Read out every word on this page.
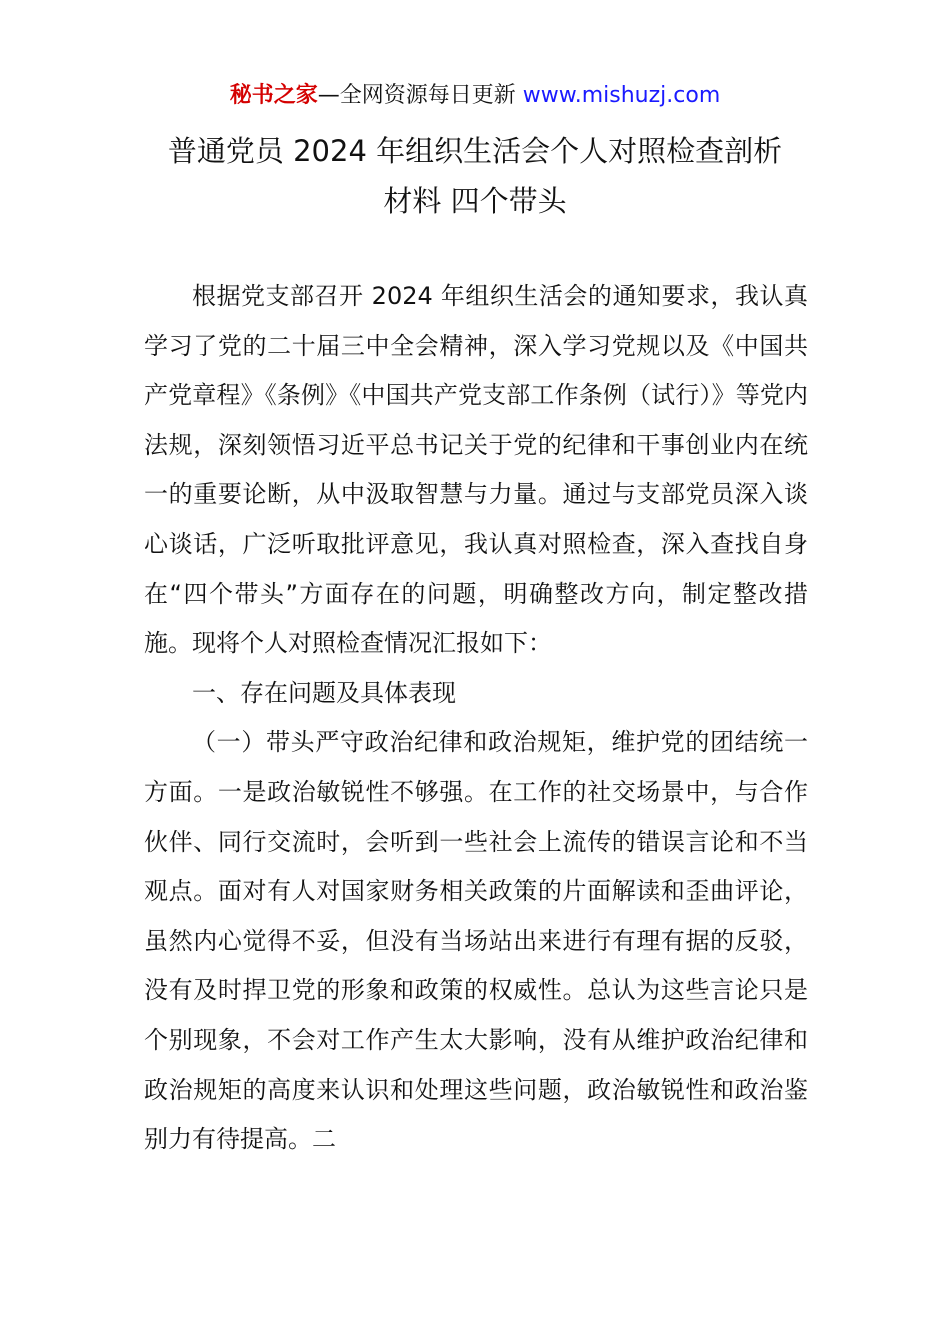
秘书之家—全网资源每日更新 www.mishuzj.com
普通党员 2024 年组织生活会个人对照检查剖析
材料 四个带头

根据党支部召开 2024 年组织生活会的通知要求，我认真学习了党的二十届三中全会精神，深入学习党规以及《中国共产党章程》《条例》《中国共产党支部工作条例（试行）》等党内法规，深刻领悟习近平总书记关于党的纪律和干事创业内在统一的重要论断，从中汲取智慧与力量。通过与支部党员深入谈心谈话，广泛听取批评意见，我认真对照检查，深入查找自身在“四个带头”方面存在的问题，明确整改方向，制定整改措施。现将个人对照检查情况汇报如下：

一、存在问题及具体表现

（一）带头严守政治纪律和政治规矩，维护党的团结统一方面。一是政治敏锐性不够强。在工作的社交场景中，与合作伙伴、同行交流时，会听到一些社会上流传的错误言论和不当观点。面对有人对国家财务相关政策的片面解读和歪曲评论，虽然内心觉得不妥，但没有当场站出来进行有理有据的反驳，没有及时捍卫党的形象和政策的权威性。总认为这些言论只是个别现象，不会对工作产生太大影响，没有从维护政治纪律和政治规矩的高度来认识和处理这些问题，政治敏锐性和政治鉴别力有待提高。二
